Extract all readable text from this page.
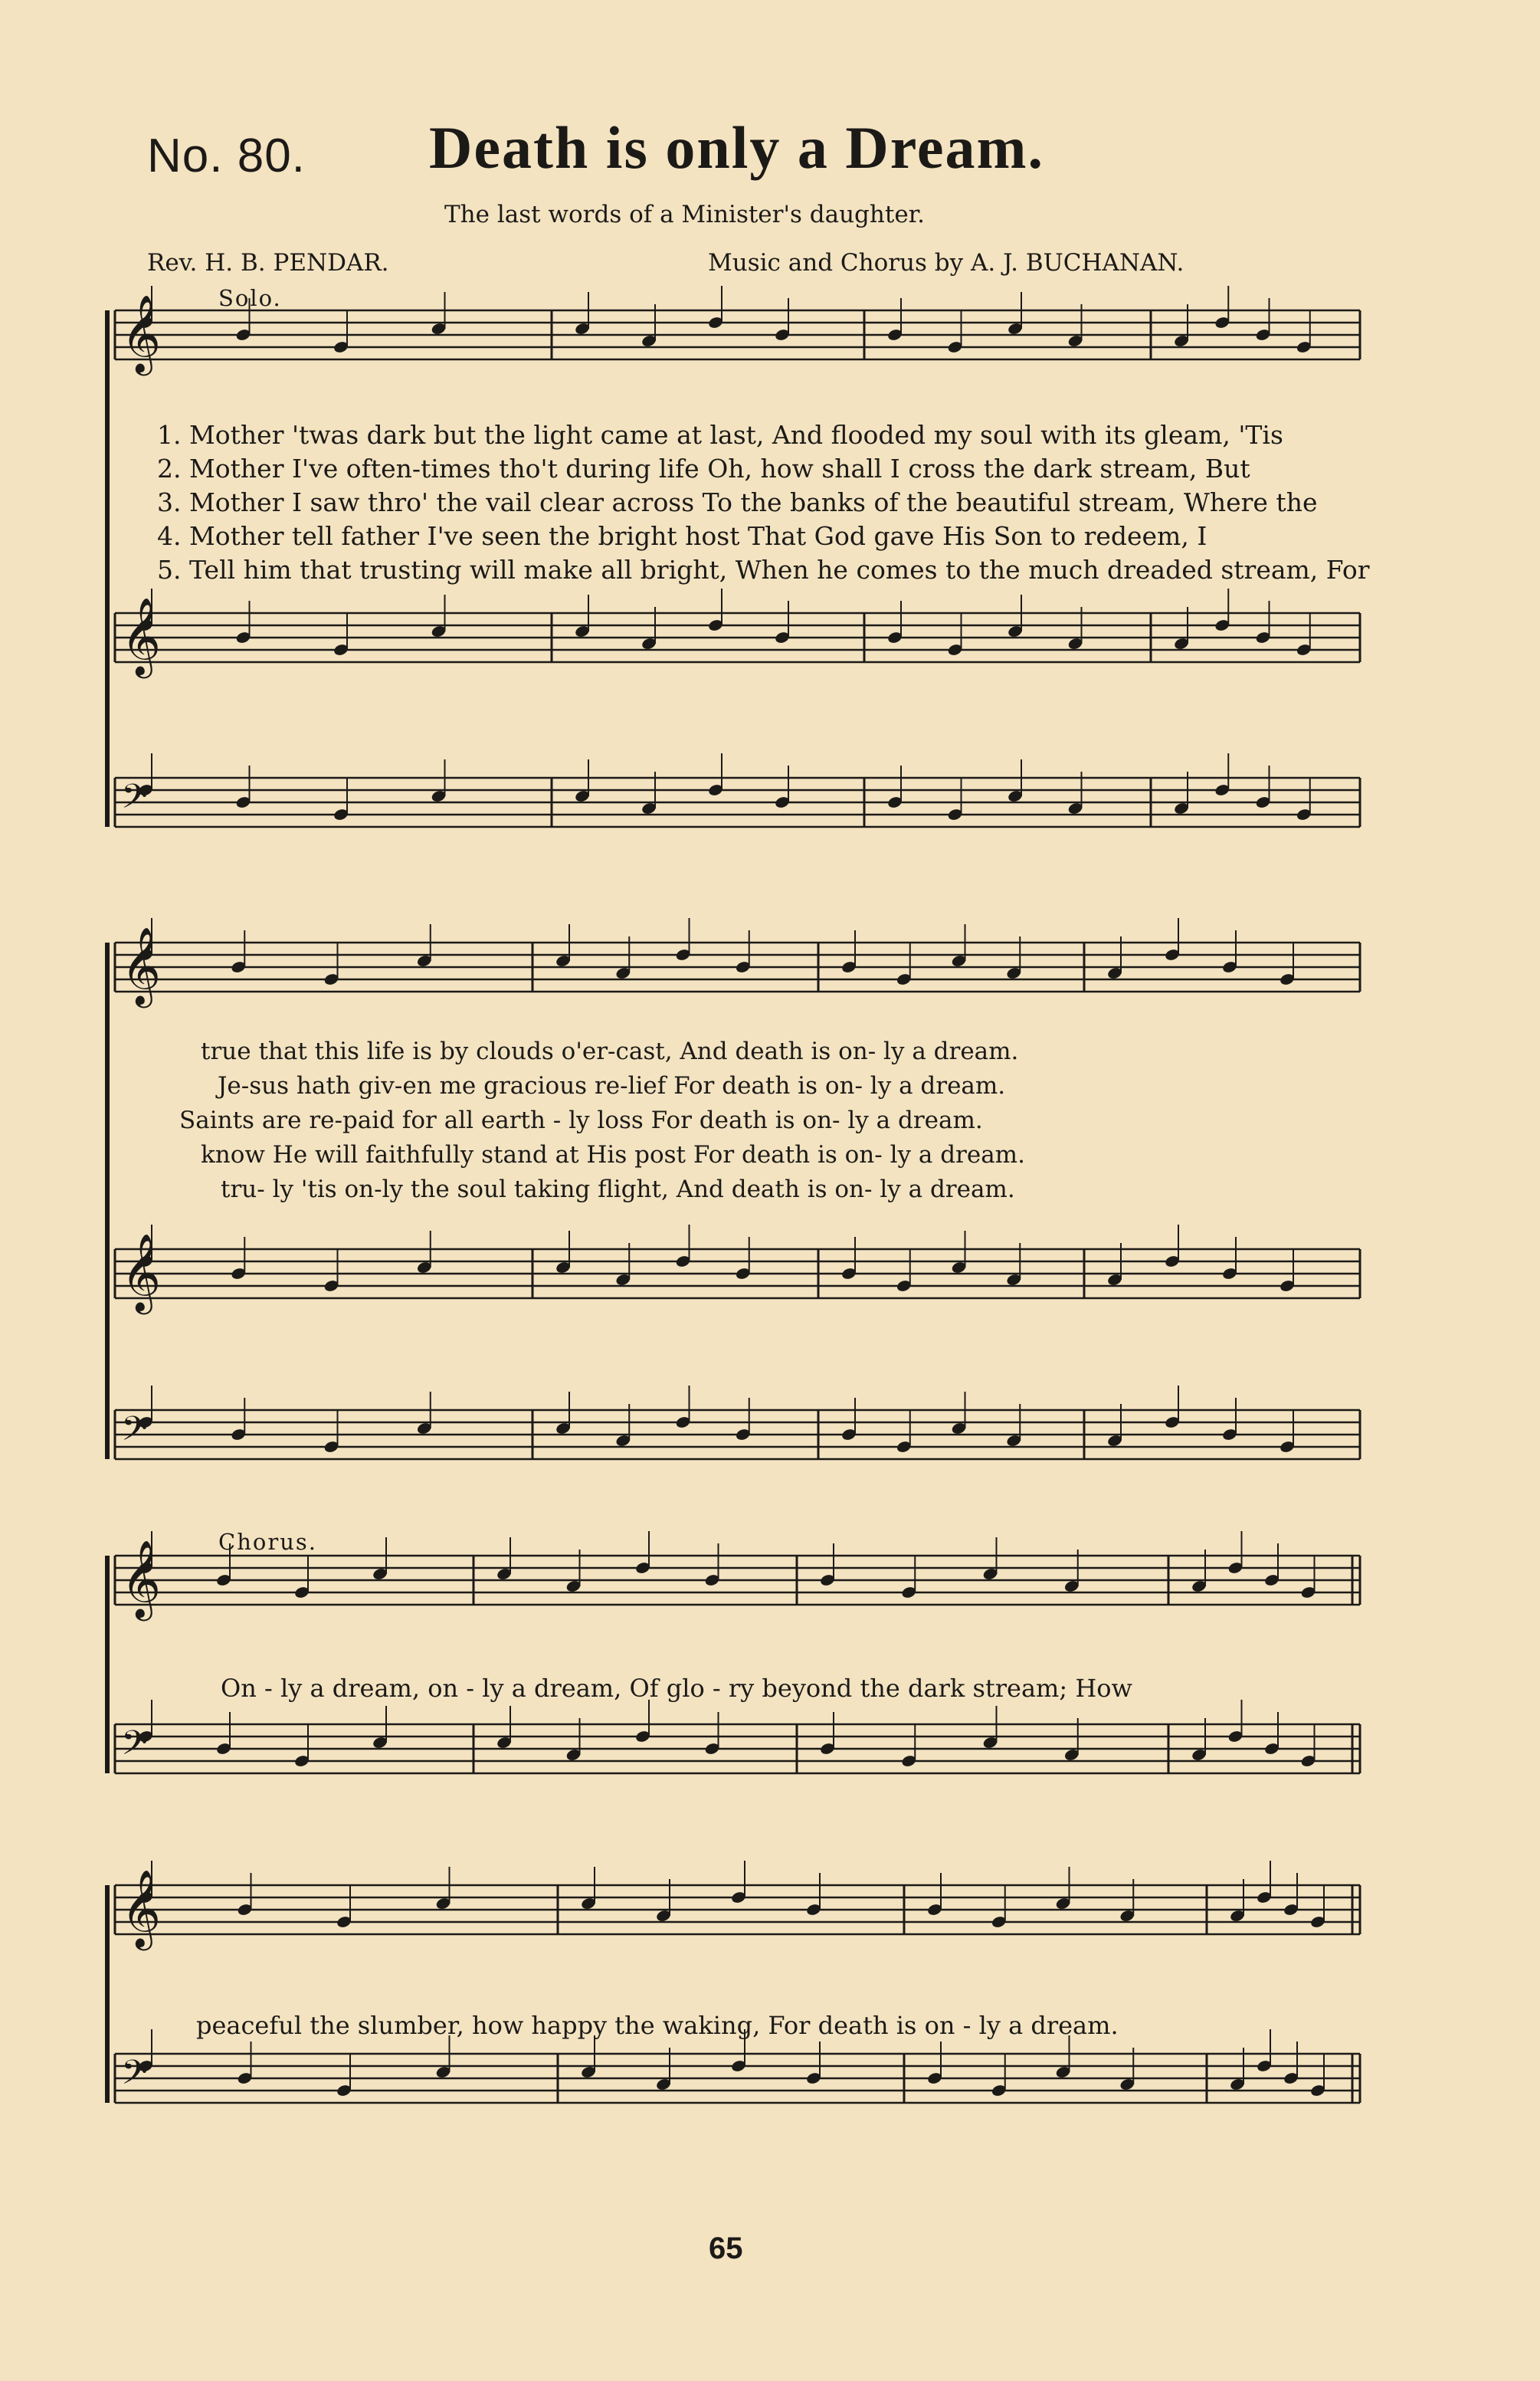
No. 80. Death is only a Dream.
The last words of a Minister's daughter.
Rev. H. B. PENDAR.	Music and Chorus by A. J. BUCHANAN.
Solo.
Chorus.
𝄞
𝄞
𝄢
𝄞
𝄞
𝄢
𝄞
𝄢
𝄞
𝄢
1. Mother 'twas dark but the light came at last, And flooded my soul with its gleam, 'Tis
2. Mother I've often-times tho't during life Oh, how shall I cross the dark stream, But
3. Mother I saw thro' the vail clear across To the banks of the beautiful stream, Where the
4. Mother tell father I've seen the bright host That God gave His Son to redeem, I
5. Tell him that trusting will make all bright, When he comes to the much dreaded stream, For
true that this life is by clouds o'er-cast, And death is on- ly a dream.
Je-sus hath giv-en me gracious re-lief For death is on- ly a dream.
Saints are re-paid for all earth - ly loss For death is on- ly a dream.
know He will faithfully stand at His post For death is on- ly a dream.
tru- ly 'tis on-ly the soul taking flight, And death is on- ly a dream.
On - ly a dream, on - ly a dream, Of glo - ry beyond the dark stream; How
peaceful the slumber, how happy the waking, For death is on - ly a dream.
65
